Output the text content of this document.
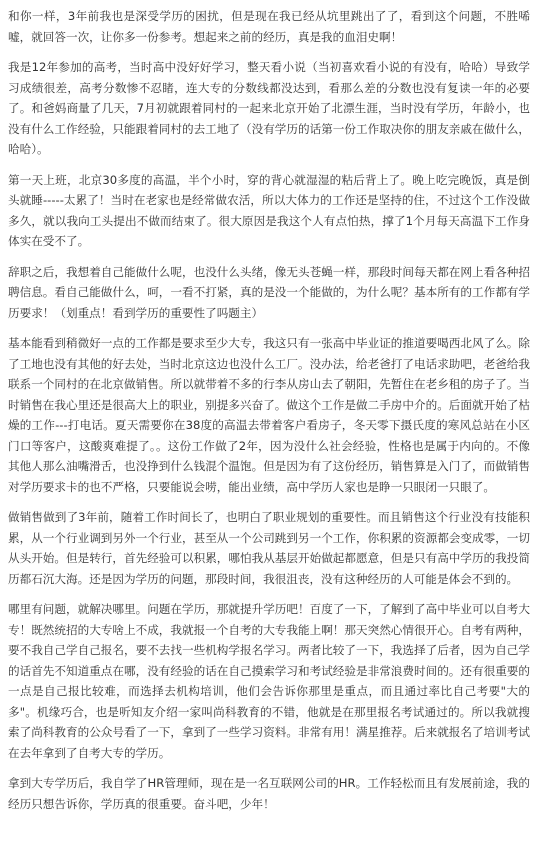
和你一样，3年前我也是深受学历的困扰，但是现在我已经从坑里跳出了了，看到这个问题，不胜唏嘘，就回答一次，让你多一份参考。想起来之前的经历，真是我的血泪史啊！

我是12年参加的高考，当时高中没好好学习，整天看小说（当初喜欢看小说的有没有，哈哈）导致学习成绩很差，高考分数惨不忍睹，连大专的分数线都没达到，看那么差的分数也没有复读一年的必要了。和爸妈商量了几天，7月初就跟着同村的一起来北京开始了北漂生涯，当时没有学历，年龄小，也没有什么工作经验，只能跟着同村的去工地了（没有学历的话第一份工作取决你的朋友亲戚在做什么，哈哈）。

第一天上班，北京30多度的高温，半个小时，穿的背心就湿湿的粘后背上了。晚上吃完晚饭，真是倒头就睡-----太累了！当时在老家也是经常做农活，所以大体力的工作还是坚持的住，不过这个工作没做多久，就以我向工头提出不做而结束了。很大原因是我这个人有点怕热，撑了1个月每天高温下工作身体实在受不了。

辞职之后，我想着自己能做什么呢，也没什么头绪，像无头苍蝇一样，那段时间每天都在网上看各种招聘信息。看自己能做什么，呵，一看不打紧，真的是没一个能做的，为什么呢？基本所有的工作都有学历要求！（划重点！看到学历的重要性了吗题主）

基本能看到稍微好一点的工作都是要求至少大专，我这只有一张高中毕业证的推道要喝西北风了么。除了工地也没有其他的好去处，当时北京这边也没什么工厂。没办法，给老爸打了电话求助吧，老爸给我联系一个同村的在北京做销售。所以就带着不多的行李从房山去了朝阳，先暂住在老乡租的房子了。当时销售在我心里还是很高大上的职业，别提多兴奋了。做这个工作是做二手房中介的。后面就开始了枯燥的工作---打电话。夏天需要你在38度的高温去带着客户看房子，冬天零下摄氏度的寒风总站在小区门口等客户，这酸爽难提了。。这份工作做了2年，因为没什么社会经验，性格也是属于内向的。不像其他人那么油嘴滑舌，也没挣到什么钱混个温饱。但是因为有了这份经历，销售算是入门了，而做销售对学历要求卡的也不严格，只要能说会唠，能出业绩，高中学历人家也是睁一只眼闭一只眼了。

做销售做到了3年前，随着工作时间长了，也明白了职业规划的重要性。而且销售这个行业没有技能积累，从一个行业调到另外一个行业，甚至从一个公司跳到另一个工作，你积累的资源都会变成零，一切从头开始。但是转行，首先经验可以积累，哪怕我从基层开始做起都愿意，但是只有高中学历的我投简历都石沉大海。还是因为学历的问题，那段时间，我很沮丧，没有这种经历的人可能是体会不到的。

哪里有问题，就解决哪里。问题在学历，那就提升学历吧！百度了一下，了解到了高中毕业可以自考大专！既然统招的大专啥上不成，我就报一个自考的大专我能上啊！那天突然心情很开心。自考有两种，要不我自己学自己报名，要不去找一些机构学报名学习。两者比较了一下，我选择了后者，因为自己学的话首先不知道重点在哪，没有经验的话在自己摸索学习和考试经验是非常浪费时间的。还有很重要的一点是自己报比较难，而选择去机构培训，他们会告诉你那里是重点，而且通过率比自己考要"大的多"。机缘巧合，也是听知友介绍一家叫尚科教育的不错，他就是在那里报名考试通过的。所以我就搜索了尚科教育的公众号看了一下，拿到了一些学习资料。非常有用！满星推荐。后来就报名了培训考试在去年拿到了自考大专的学历。

拿到大专学历后，我自学了HR管理师，现在是一名互联网公司的HR。工作轻松而且有发展前途，我的经历只想告诉你，学历真的很重要。奋斗吧，少年！
